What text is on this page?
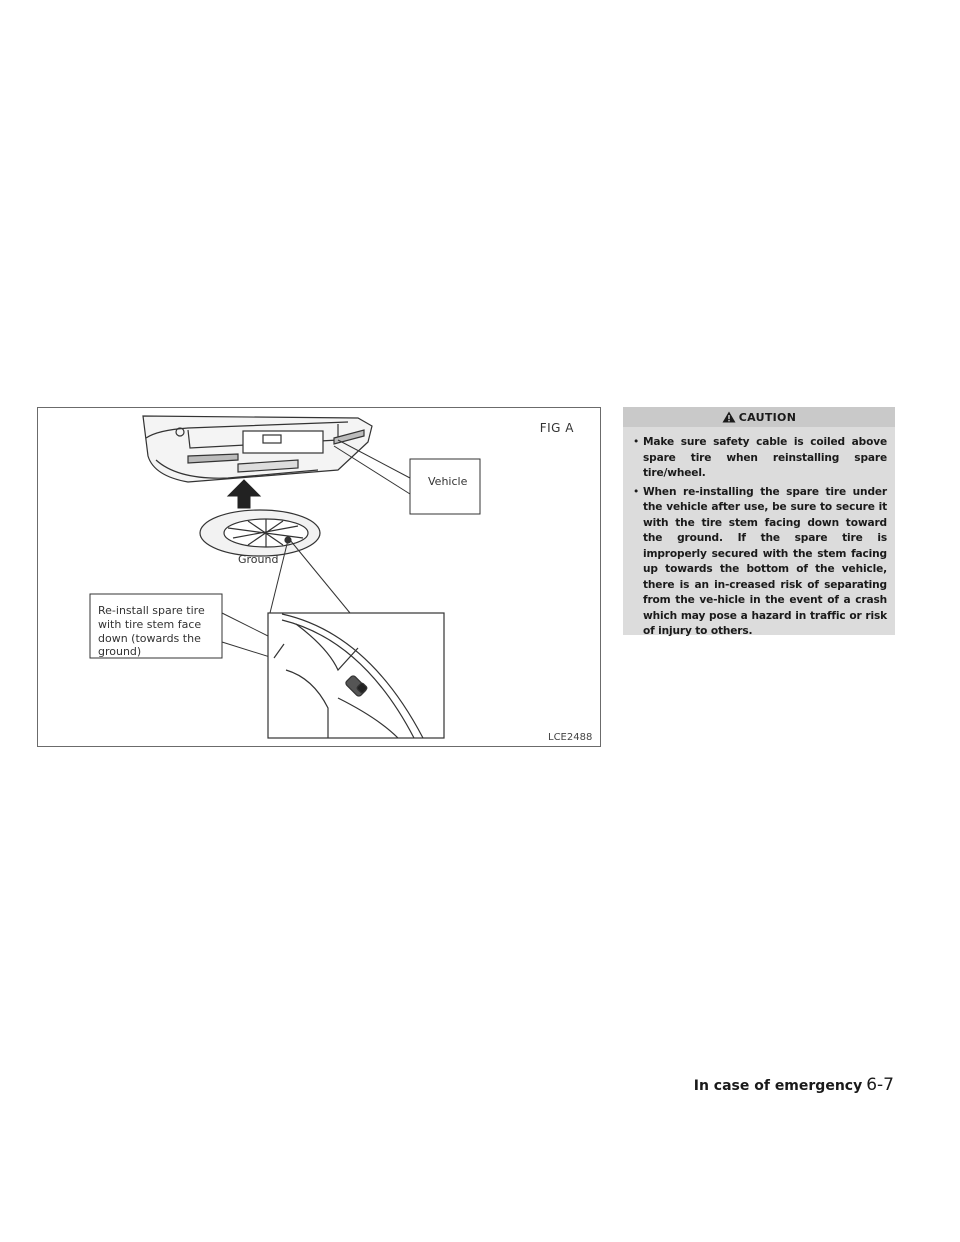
FIG A
Vehicle
Ground
Re-install spare tire with tire stem face down (towards the ground)
LCE2488
CAUTION
• Make sure safety cable is coiled above spare tire when reinstalling spare tire/wheel.
• When re-installing the spare tire under the vehicle after use, be sure to secure it with the tire stem facing down toward the ground. If the spare tire is improperly secured with the stem facing up towards the bottom of the vehicle, there is an in-creased risk of separating from the ve-hicle in the event of a crash which may pose a hazard in traffic or risk of injury to others.
In case of emergency 6-7
